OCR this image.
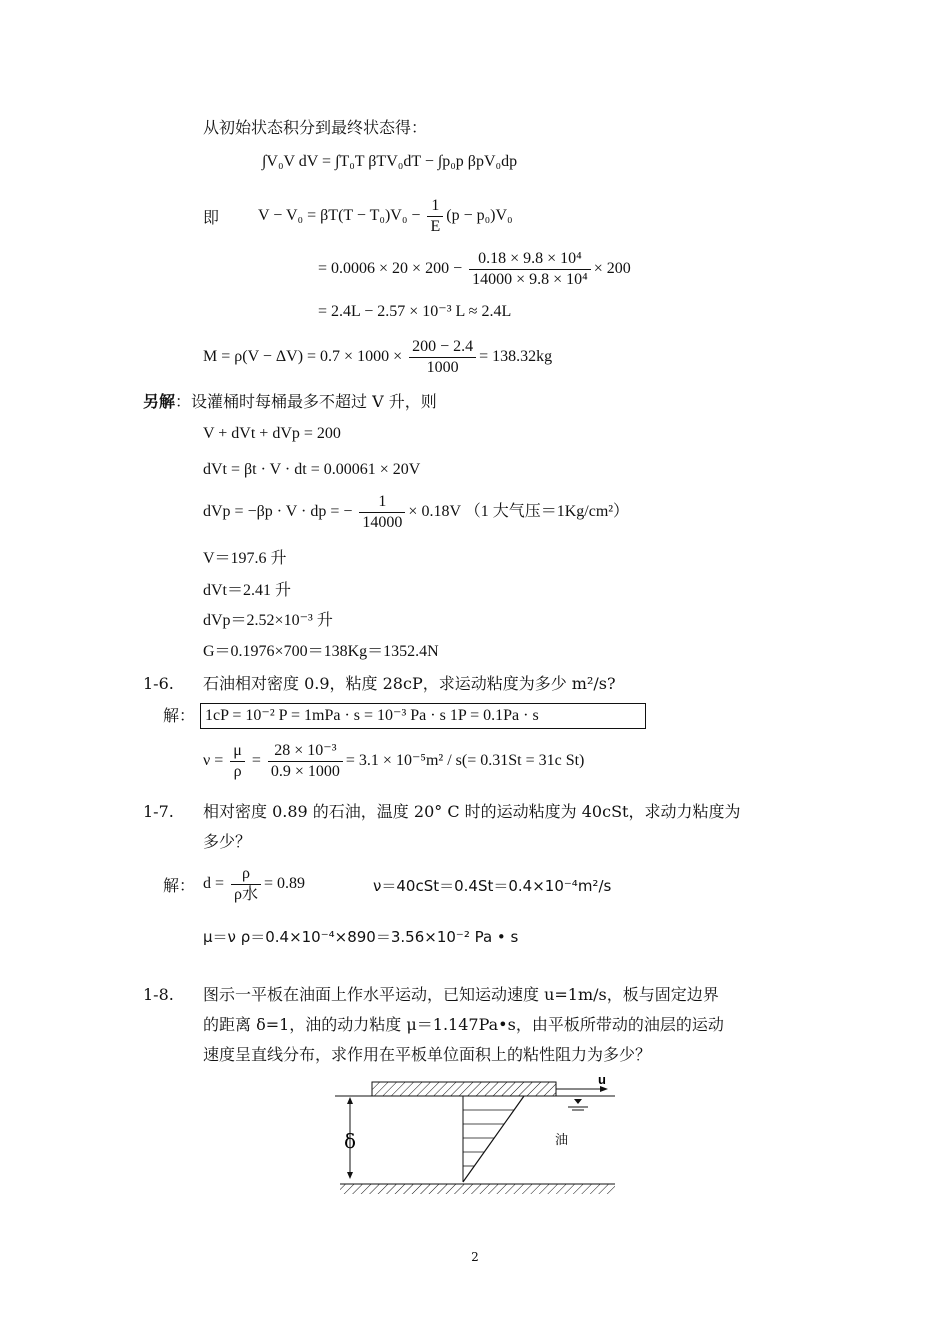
从初始状态积分到最终状态得：
∫V₀V dV = ∫T₀T βTV₀dT − ∫p₀p βpV₀dp
即 $V - V_0 = \beta T(T - T_0)V_0 - \frac{1}{E} (p - p_0)V_0$
= $0.0006 \times 20 \times 200 - \frac{\text{0.18 × 9.8 × 10⁴}}{\text{14000 × 9.8 × 10⁴}} \times 200$
= 2.4L − 2.57 × 10⁻³ L ≈ 2.4L
$M = \rho(V - \Delta V) = 0.7 \times 1000 \times \frac{200 - 2.4}{1000} = 138.32kg$
另解：设灌桶时每桶最多不超过 V 升，则
V + dVt + dVp = 200
dVt = βt · V · dt = 0.00061 × 20V
dVp = −βp · V · dp = − $\frac{1}{14000} \times 0.18V$ （1 大气压＝1Kg/cm²）
V＝197.6 升
dVt＝2.41 升
dVp＝2.52×10⁻³ 升
G＝0.1976×700＝138Kg＝1352.4N
1-6. 石油相对密度 0.9，粘度 28cP，求运动粘度为多少 m²/s?
解： 1cP = 10⁻² P = 1mPa · s = 10⁻³ Pa · s 1P = 0.1Pa · s
$\nu = \frac{\mu}{\rho} = \frac{\text{28 × 10⁻³}}{0.9 \times 1000} = 3.1 \times 10^{-5}m^2 / s(= 0.31St = 31c$ St)
1-7. 相对密度 0.89 的石油，温度 20° C 时的运动粘度为 40cSt，求动力粘度为
多少？
解： $d = \frac{\rho}{\text{ρ水}} = 0.89$	ν＝40cSt＝0.4St＝0.4×10⁻⁴m²/s
μ＝ν ρ＝0.4×10⁻⁴×890＝3.56×10⁻² Pa • s
1-8. 图示一平板在油面上作水平运动，已知运动速度 u=1m/s，板与固定边界
的距离 δ=1，油的动力粘度 μ＝1.147Pa•s，由平板所带动的油层的运动
速度呈直线分布，求作用在平板单位面积上的粘性阻力为多少？
u
δ	油
2
